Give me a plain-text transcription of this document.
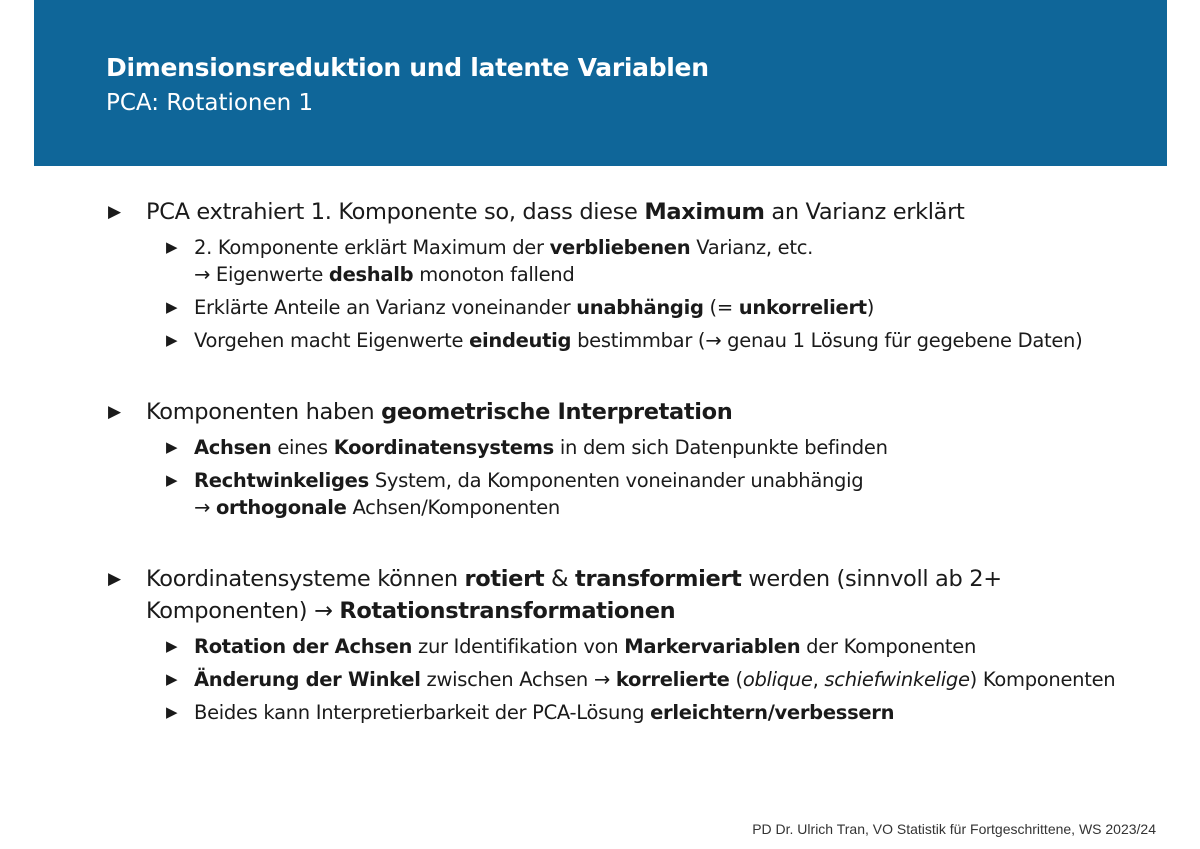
Dimensionsreduktion und latente Variablen
PCA: Rotationen 1
▶ PCA extrahiert 1. Komponente so, dass diese Maximum an Varianz erklärt
▶ 2. Komponente erklärt Maximum der verbliebenen Varianz, etc.
→ Eigenwerte deshalb monoton fallend
▶ Erklärte Anteile an Varianz voneinander unabhängig (= unkorreliert)
▶ Vorgehen macht Eigenwerte eindeutig bestimmbar (→ genau 1 Lösung für gegebene Daten)
▶ Komponenten haben geometrische Interpretation
▶ Achsen eines Koordinatensystems in dem sich Datenpunkte befinden
▶ Rechtwinkeliges System, da Komponenten voneinander unabhängig
→ orthogonale Achsen/Komponenten
▶ Koordinatensysteme können rotiert & transformiert werden (sinnvoll ab 2+ Komponenten) → Rotationstransformationen
▶ Rotation der Achsen zur Identifikation von Markervariablen der Komponenten
▶ Änderung der Winkel zwischen Achsen → korrelierte (oblique, schiefwinkelige) Komponenten
▶ Beides kann Interpretierbarkeit der PCA-Lösung erleichtern/verbessern
PD Dr. Ulrich Tran, VO Statistik für Fortgeschrittene, WS 2023/24
